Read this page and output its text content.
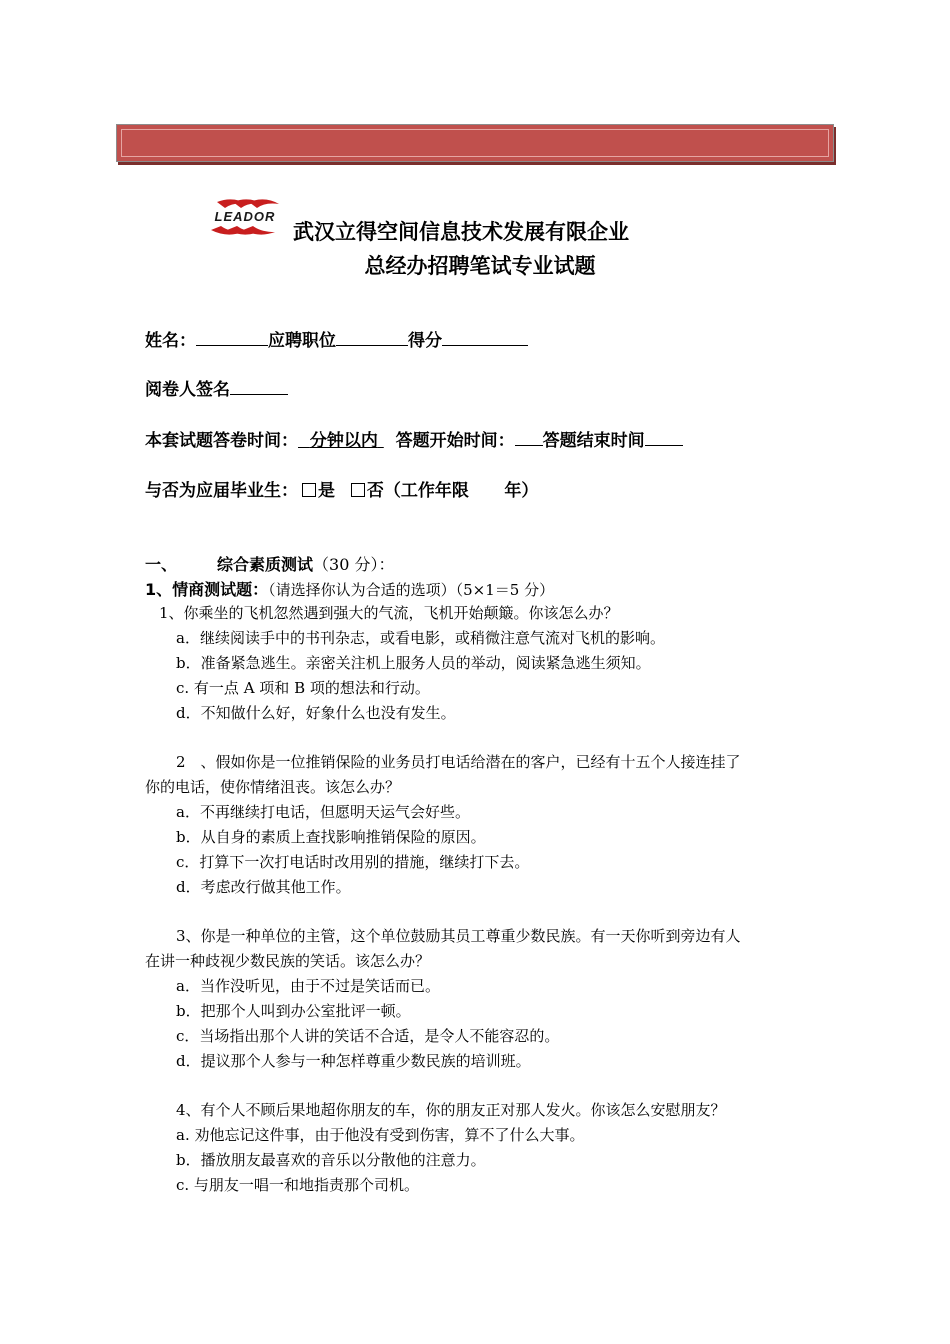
LEADOR
武汉立得空间信息技术发展有限企业
总经办招聘笔试专业试题
姓名：	应聘职位	得分
阅卷人签名
本套试题答卷时间： 分钟以内 答题开始时间： 答题结束时间
与否为应届毕业生： 是 否（工作年限 年）
一、	综合素质测试（30 分）：
1、情商测试题：（请选择你认为合适的选项）（5×1＝5 分）
1、你乘坐的飞机忽然遇到强大的气流，飞机开始颠簸。你该怎么办？
a．继续阅读手中的书刊杂志，或看电影，或稍微注意气流对飞机的影响。
b．准备紧急逃生。亲密关注机上服务人员的举动，阅读紧急逃生须知。
c. 有一点 A 项和 B 项的想法和行动。
d．不知做什么好，好象什么也没有发生。
2　、假如你是一位推销保险的业务员打电话给潜在的客户，已经有十五个人接连挂了
你的电话，使你情绪沮丧。该怎么办？
a．不再继续打电话，但愿明天运气会好些。
b．从自身的素质上查找影响推销保险的原因。
c．打算下一次打电话时改用别的措施，继续打下去。
d．考虑改行做其他工作。
3、你是一种单位的主管，这个单位鼓励其员工尊重少数民族。有一天你听到旁边有人
在讲一种歧视少数民族的笑话。该怎么办？
a．当作没听见，由于不过是笑话而已。
b．把那个人叫到办公室批评一顿。
c．当场指出那个人讲的笑话不合适，是令人不能容忍的。
d．提议那个人参与一种怎样尊重少数民族的培训班。
4、有个人不顾后果地超你朋友的车，你的朋友正对那人发火。你该怎么安慰朋友？
a. 劝他忘记这件事，由于他没有受到伤害，算不了什么大事。
b．播放朋友最喜欢的音乐以分散他的注意力。
c. 与朋友一唱一和地指责那个司机。
